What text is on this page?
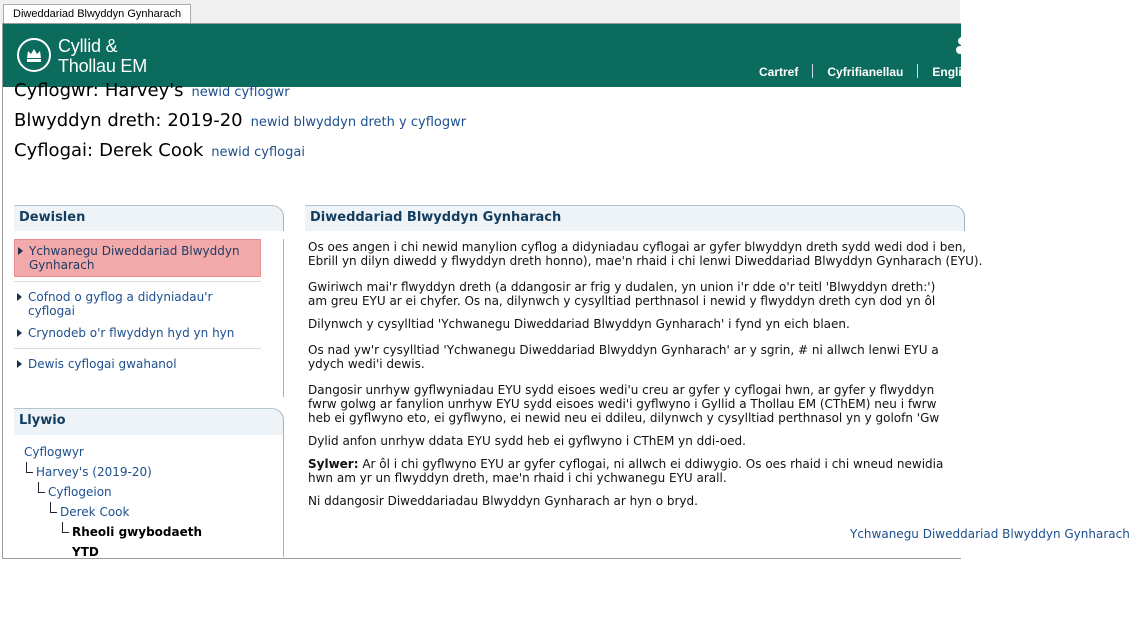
Diweddariad Blwyddyn Gynharach
Cyllid &
Thollau EM	Cartref Cyfrifianellau English
Cyflogwr: Harvey's newid cyflogwr
Blwyddyn dreth: 2019-20 newid blwyddyn dreth y cyflogwr
Cyflogai: Derek Cook newid cyflogai
Dewislen
Ychwanegu Diweddariad Blwyddyn Gynharach
Cofnod o gyflog a didyniadau'r cyflogai
Crynodeb o'r flwyddyn hyd yn hyn
Dewis cyflogai gwahanol
Llywio
Cyflogwyr
Harvey's (2019-20)
Cyflogeion
Derek Cook
Rheoli gwybodaeth
YTD
Diweddariad Blwyddyn Gynharach

Os oes angen i chi newid manylion cyflog a didyniadau cyflogai ar gyfer blwyddyn dreth sydd wedi dod i ben,
Ebrill yn dilyn diwedd y flwyddyn dreth honno), mae'n rhaid i chi lenwi Diweddariad Blwyddyn Gynharach (EYU).

Gwiriwch mai'r flwyddyn dreth (a ddangosir ar frig y dudalen, yn union i'r dde o'r teitl 'Blwyddyn dreth:')
am greu EYU ar ei chyfer. Os na, dilynwch y cysylltiad perthnasol i newid y flwyddyn dreth cyn dod yn ôl

Dilynwch y cysylltiad 'Ychwanegu Diweddariad Blwyddyn Gynharach' i fynd yn eich blaen.

Os nad yw'r cysylltiad 'Ychwanegu Diweddariad Blwyddyn Gynharach' ar y sgrin, # ni allwch lenwi EYU a
ydych wedi'i dewis.

Dangosir unrhyw gyflwyniadau EYU sydd eisoes wedi'u creu ar gyfer y cyflogai hwn, ar gyfer y flwyddyn
fwrw golwg ar fanylion unrhyw EYU sydd eisoes wedi'i gyflwyno i Gyllid a Thollau EM (CThEM) neu i fwrw
heb ei gyflwyno eto, ei gyflwyno, ei newid neu ei ddileu, dilynwch y cysylltiad perthnasol yn y golofn 'Gw

Dylid anfon unrhyw ddata EYU sydd heb ei gyflwyno i CThEM yn ddi-oed.

Sylwer: Ar ôl i chi gyflwyno EYU ar gyfer cyflogai, ni allwch ei ddiwygio. Os oes rhaid i chi wneud newidia
hwn am yr un flwyddyn dreth, mae'n rhaid i chi ychwanegu EYU arall.

Ni ddangosir Diweddariadau Blwyddyn Gynharach ar hyn o bryd.

Ychwanegu Diweddariad Blwyddyn Gynharach
